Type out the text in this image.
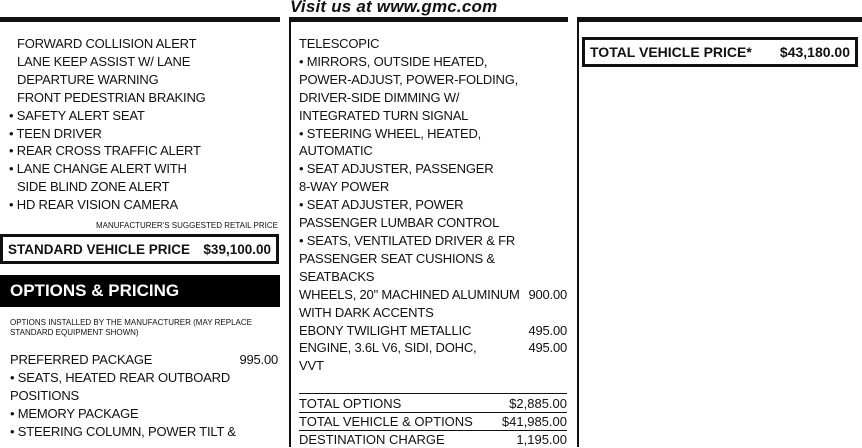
Visit us at www.gmc.com
FORWARD COLLISION ALERT
LANE KEEP ASSIST W/ LANE
DEPARTURE WARNING
FRONT PEDESTRIAN BRAKING
• SAFETY ALERT SEAT
• TEEN DRIVER
• REAR CROSS TRAFFIC ALERT
• LANE CHANGE ALERT WITH
SIDE BLIND ZONE ALERT
• HD REAR VISION CAMERA
MANUFACTURER'S SUGGESTED RETAIL PRICE
STANDARD VEHICLE PRICE $39,100.00
OPTIONS & PRICING
OPTIONS INSTALLED BY THE MANUFACTURER (MAY REPLACE
STANDARD EQUIPMENT SHOWN)
PREFERRED PACKAGE	995.00
• SEATS, HEATED REAR OUTBOARD
POSITIONS
• MEMORY PACKAGE
• STEERING COLUMN, POWER TILT &
TELESCOPIC
• MIRRORS, OUTSIDE HEATED,
POWER-ADJUST, POWER-FOLDING,
DRIVER-SIDE DIMMING W/
INTEGRATED TURN SIGNAL
• STEERING WHEEL, HEATED,
AUTOMATIC
• SEAT ADJUSTER, PASSENGER
8-WAY POWER
• SEAT ADJUSTER, POWER
PASSENGER LUMBAR CONTROL
• SEATS, VENTILATED DRIVER & FR
PASSENGER SEAT CUSHIONS &
SEATBACKS
WHEELS, 20" MACHINED ALUMINUM 900.00
WITH DARK ACCENTS
EBONY TWILIGHT METALLIC	495.00
ENGINE, 3.6L V6, SIDI, DOHC,	495.00
VVT
TOTAL OPTIONS	$2,885.00
TOTAL VEHICLE & OPTIONS $41,985.00
DESTINATION CHARGE	1,195.00
TOTAL VEHICLE PRICE* $43,180.00
